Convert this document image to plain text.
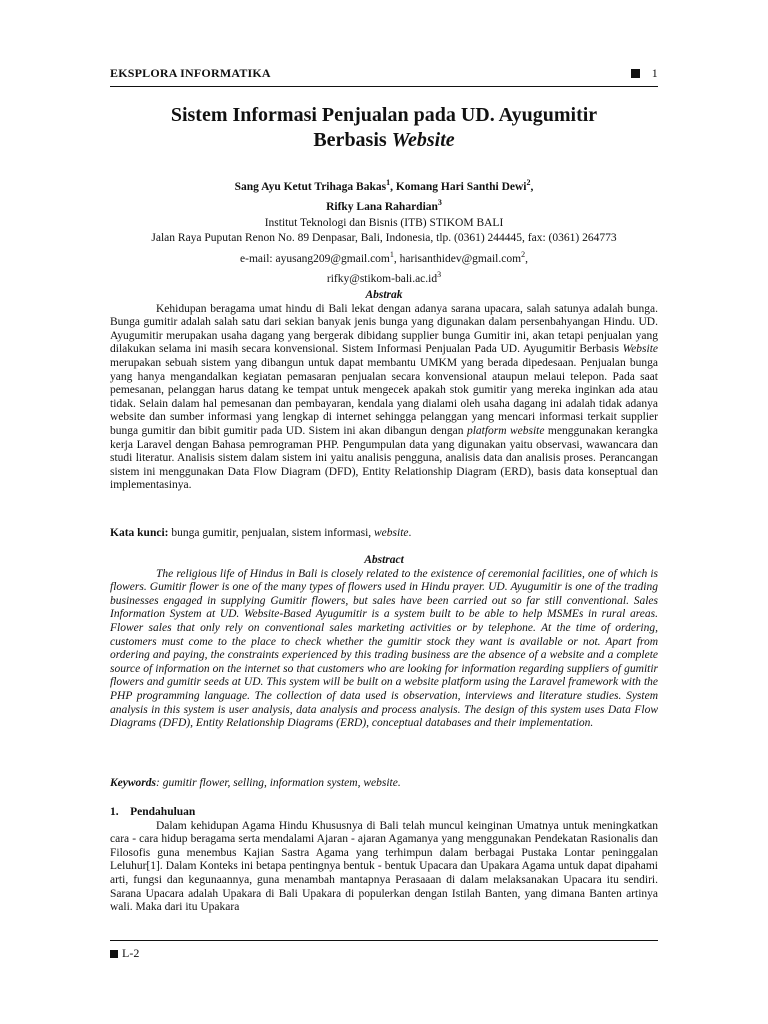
EKSPLORA INFORMATIKA	1
Sistem Informasi Penjualan pada UD. Ayugumitir
Berbasis Website
Sang Ayu Ketut Trihaga Bakas$^1$, Komang Hari Santhi Dewi$^2$,
Rifky Lana Rahardian$^3$
Institut Teknologi dan Bisnis (ITB) STIKOM BALI
Jalan Raya Puputan Renon No. 89 Denpasar, Bali, Indonesia, tlp. (0361) 244445, fax: (0361) 264773
e-mail: ayusang209@gmail.com$^1$, harisanthidev@gmail.com$^2$,
$rifky@stikom-bali.ac.id^3$
Abstrak

Kehidupan beragama umat hindu di Bali lekat dengan adanya sarana upacara, salah satunya adalah bunga. Bunga gumitir adalah salah satu dari sekian banyak jenis bunga yang digunakan dalam persenbahyangan Hindu. UD. Ayugumitir merupakan usaha dagang yang bergerak dibidang supplier bunga Gumitir ini, akan tetapi penjualan yang dilakukan selama ini masih secara konvensional. Sistem Informasi Penjualan Pada UD. Ayugumitir Berbasis Website merupakan sebuah sistem yang dibangun untuk dapat membantu UMKM yang berada dipedesaan. Penjualan bunga yang hanya mengandalkan kegiatan pemasaran penjualan secara konvensional ataupun melaui telepon. Pada saat pemesanan, pelanggan harus datang ke tempat untuk mengecek apakah stok gumitir yang mereka inginkan ada atau tidak. Selain dalam hal pemesanan dan pembayaran, kendala yang dialami oleh usaha dagang ini adalah tidak adanya website dan sumber informasi yang lengkap di internet sehingga pelanggan yang mencari informasi terkait supplier bunga gumitir dan bibit gumitir pada UD. Sistem ini akan dibangun dengan platform website menggunakan kerangka kerja Laravel dengan Bahasa pemrograman PHP. Pengumpulan data yang digunakan yaitu observasi, wawancara dan studi literatur. Analisis sistem dalam sistem ini yaitu analisis pengguna, analisis data dan analisis proses. Perancangan sistem ini menggunakan Data Flow Diagram (DFD), Entity Relationship Diagram (ERD), basis data konseptual dan implementasinya.

Kata kunci: bunga gumitir, penjualan, sistem informasi, website.
Abstract

The religious life of Hindus in Bali is closely related to the existence of ceremonial facilities, one of which is flowers. Gumitir flower is one of the many types of flowers used in Hindu prayer. UD. Ayugumitir is one of the trading businesses engaged in supplying Gumitir flowers, but sales have been carried out so far still conventional. Sales Information System at UD. Website-Based Ayugumitir is a system built to be able to help MSMEs in rural areas. Flower sales that only rely on conventional sales marketing activities or by telephone. At the time of ordering, customers must come to the place to check whether the gumitir stock they want is available or not. Apart from ordering and paying, the constraints experienced by this trading business are the absence of a website and a complete source of information on the internet so that customers who are looking for information regarding suppliers of gumitir flowers and gumitir seeds at UD. This system will be built on a website platform using the Laravel framework with the PHP programming language. The collection of data used is observation, interviews and literature studies. System analysis in this system is user analysis, data analysis and process analysis. The design of this system uses Data Flow Diagrams (DFD), Entity Relationship Diagrams (ERD), conceptual databases and their implementation.

Keywords: gumitir flower, selling, information system, website.
1.    Pendahuluan

Dalam kehidupan Agama Hindu Khususnya di Bali telah muncul keinginan Umatnya untuk meningkatkan cara - cara hidup beragama serta mendalami Ajaran - ajaran Agamanya yang menggunakan Pendekatan Rasionalis dan Filosofis guna menembus Kajian Sastra Agama yang terhimpun dalam berbagai Pustaka Lontar peninggalan Leluhur[1]. Dalam Konteks ini betapa pentingnya bentuk - bentuk Upacara dan Upakara Agama untuk dapat dipahami arti, fungsi dan kegunaannya, guna menambah mantapnya Perasaaan di dalam melaksanakan Upacara itu sendiri. Sarana Upacara adalah Upakara di Bali Upakara di populerkan dengan Istilah Banten, yang dimana Banten artinya wali. Maka dari itu Upakara

L-2
